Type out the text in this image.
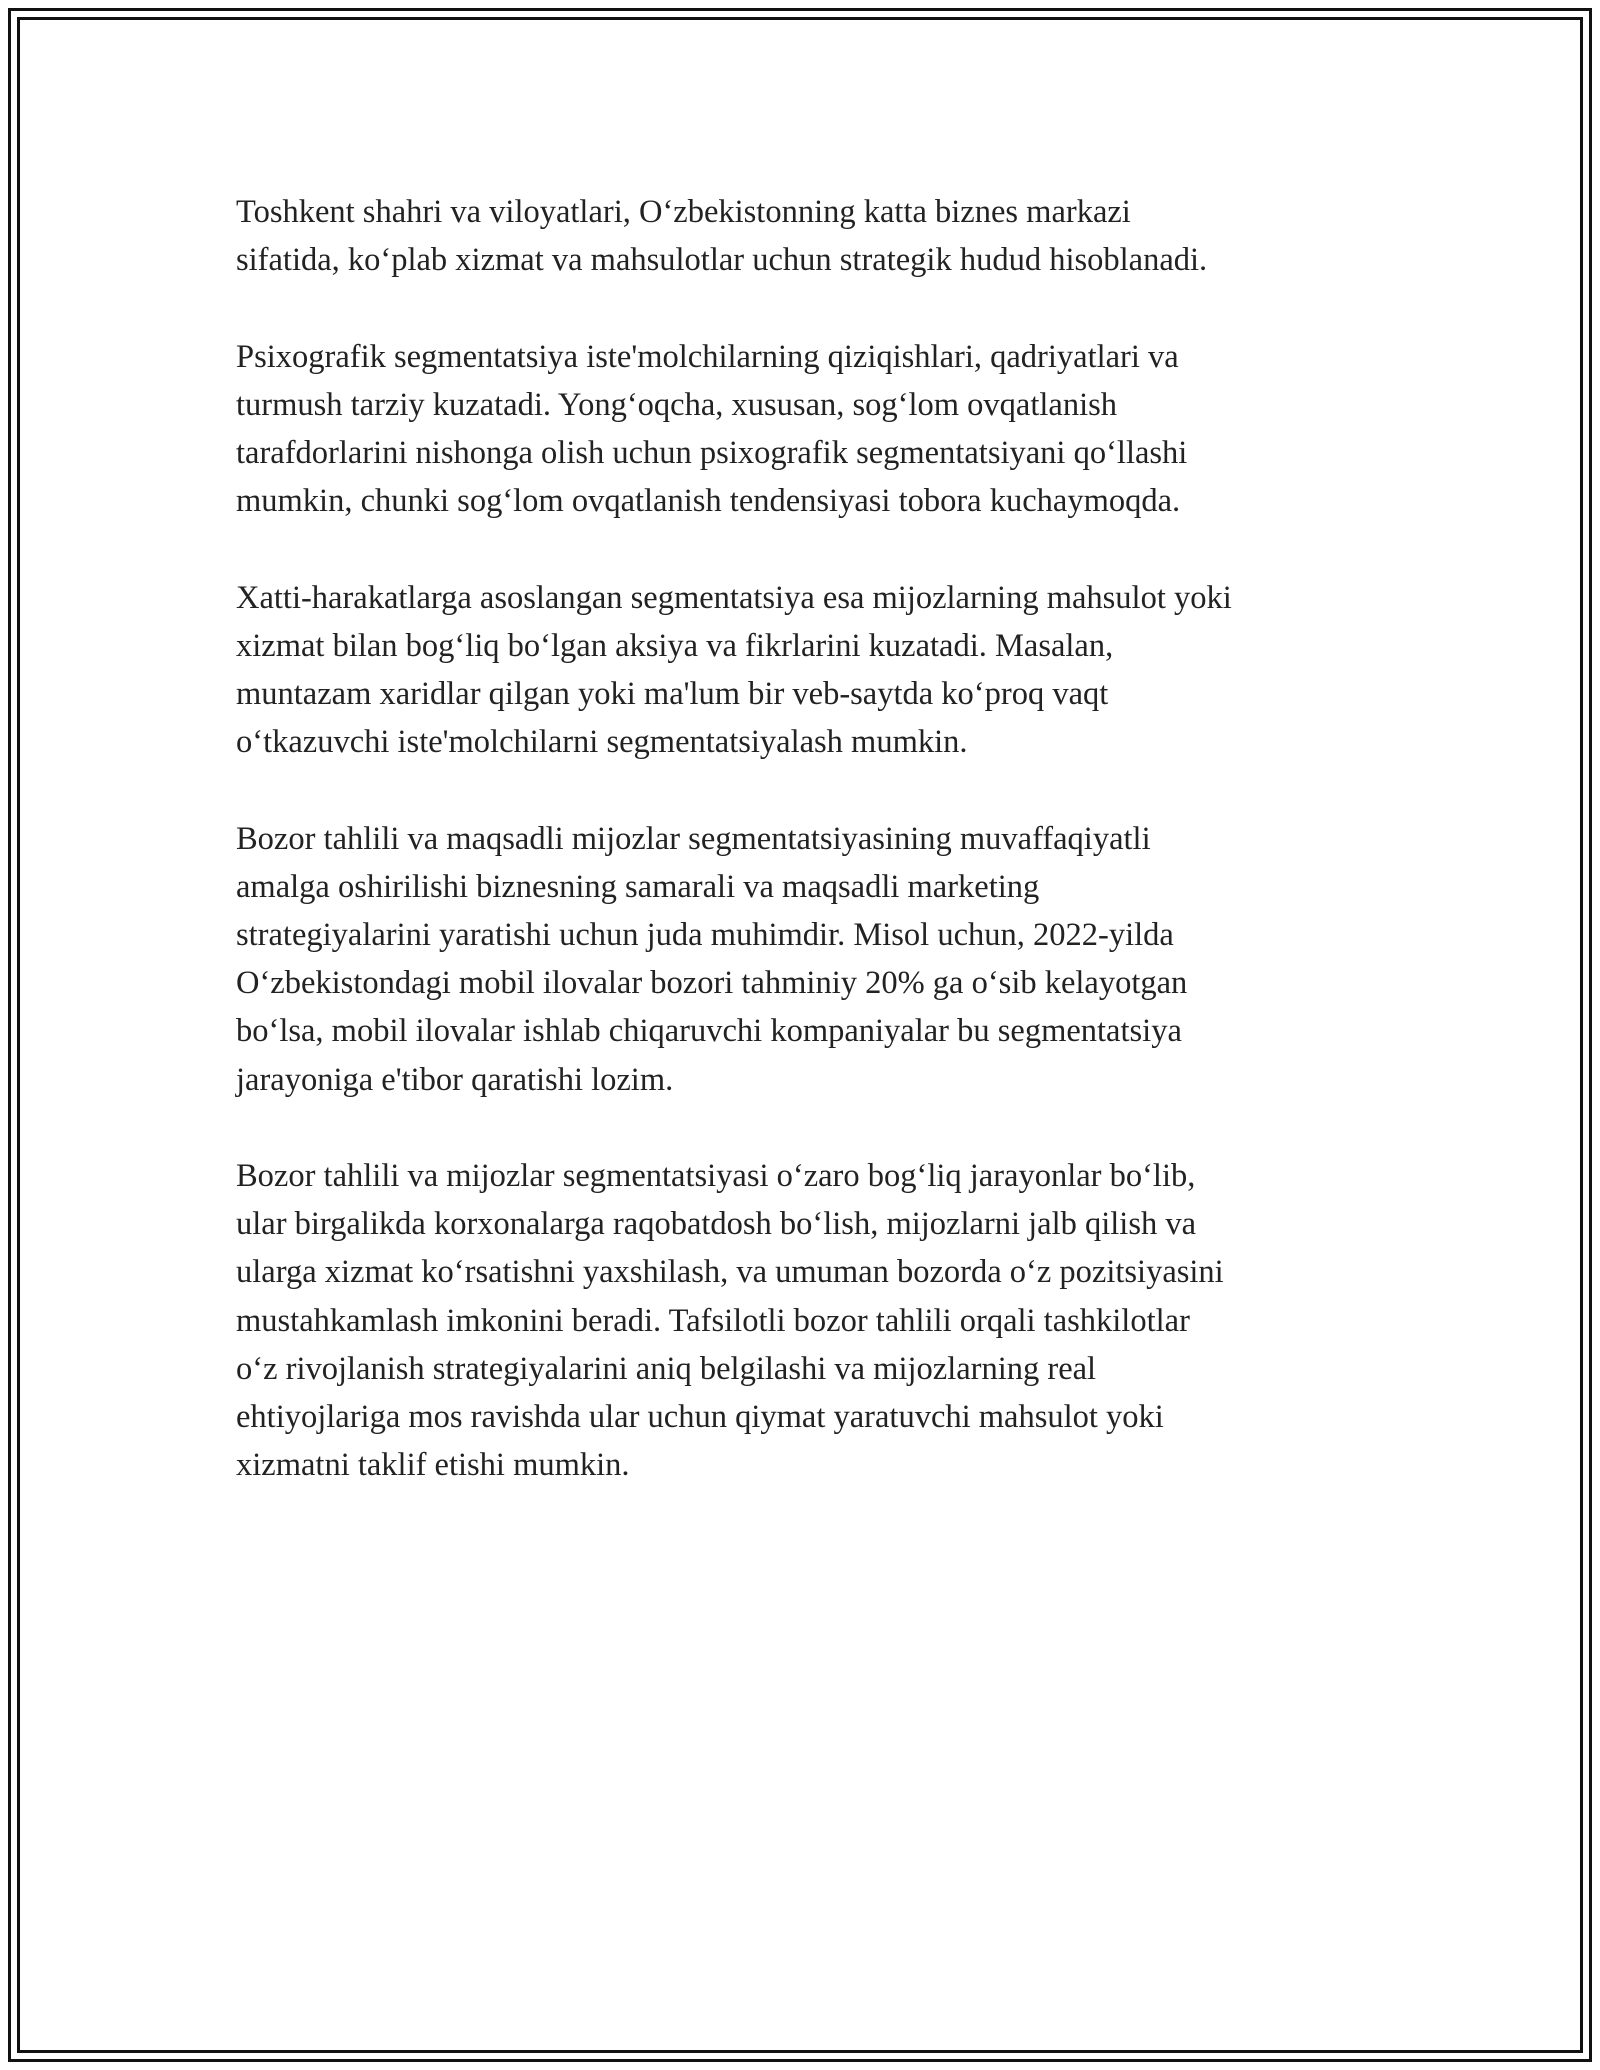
Toshkent shahri va viloyatlari, O‘zbekistonning katta biznes markazi
sifatida, ko‘plab xizmat va mahsulotlar uchun strategik hudud hisoblanadi.

Psixografik segmentatsiya iste'molchilarning qiziqishlari, qadriyatlari va
turmush tarziy kuzatadi. Yong‘oqcha, xususan, sog‘lom ovqatlanish
tarafdorlarini nishonga olish uchun psixografik segmentatsiyani qo‘llashi
mumkin, chunki sog‘lom ovqatlanish tendensiyasi tobora kuchaymoqda.

Xatti-harakatlarga asoslangan segmentatsiya esa mijozlarning mahsulot yoki
xizmat bilan bog‘liq bo‘lgan aksiya va fikrlarini kuzatadi. Masalan,
muntazam xaridlar qilgan yoki ma'lum bir veb-saytda ko‘proq vaqt
o‘tkazuvchi iste'molchilarni segmentatsiyalash mumkin.

Bozor tahlili va maqsadli mijozlar segmentatsiyasining muvaffaqiyatli
amalga oshirilishi biznesning samarali va maqsadli marketing
strategiyalarini yaratishi uchun juda muhimdir. Misol uchun, 2022-yilda
O‘zbekistondagi mobil ilovalar bozori tahminiy 20% ga o‘sib kelayotgan
bo‘lsa, mobil ilovalar ishlab chiqaruvchi kompaniyalar bu segmentatsiya
jarayoniga e'tibor qaratishi lozim.

Bozor tahlili va mijozlar segmentatsiyasi o‘zaro bog‘liq jarayonlar bo‘lib,
ular birgalikda korxonalarga raqobatdosh bo‘lish, mijozlarni jalb qilish va
ularga xizmat ko‘rsatishni yaxshilash, va umuman bozorda o‘z pozitsiyasini
mustahkamlash imkonini beradi. Tafsilotli bozor tahlili orqali tashkilotlar
o‘z rivojlanish strategiyalarini aniq belgilashi va mijozlarning real
ehtiyojlariga mos ravishda ular uchun qiymat yaratuvchi mahsulot yoki
xizmatni taklif etishi mumkin.
